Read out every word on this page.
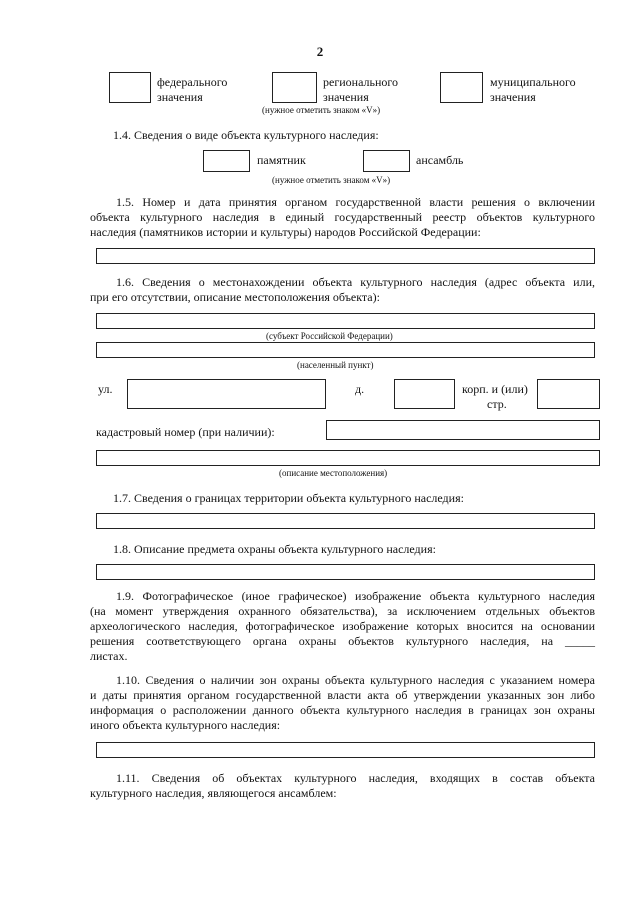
2
федерального
значения
регионального
значения
муниципального
значения
(нужное отметить знаком «V»)
1.4. Сведения о виде объекта культурного наследия:
памятник	ансамбль
(нужное отметить знаком «V»)
1.5. Номер и дата принятия органом государственной власти решения о включении
объекта культурного наследия в единый государственный реестр объектов культурного
наследия (памятников истории и культуры) народов Российской Федерации:
1.6. Сведения о местонахождении объекта культурного наследия (адрес объекта или,
при его отсутствии, описание местоположения объекта):
(субъект Российской Федерации)
(населенный пункт)
ул.	д.	корп. и (или)
стр.
кадастровый номер (при наличии):
(описание местоположения)
1.7. Сведения о границах территории объекта культурного наследия:
1.8. Описание предмета охраны объекта культурного наследия:
1.9. Фотографическое (иное графическое) изображение объекта культурного наследия
(на момент утверждения охранного обязательства), за исключением отдельных объектов
археологического наследия, фотографическое изображение которых вносится на основании
решения соответствующего органа охраны объектов культурного наследия, на _____
листах.
1.10. Сведения о наличии зон охраны объекта культурного наследия с указанием номера
и даты принятия органом государственной власти акта об утверждении указанных зон либо
информация о расположении данного объекта культурного наследия в границах зон охраны
иного объекта культурного наследия:
1.11. Сведения об объектах культурного наследия, входящих в состав объекта
культурного наследия, являющегося ансамблем:
